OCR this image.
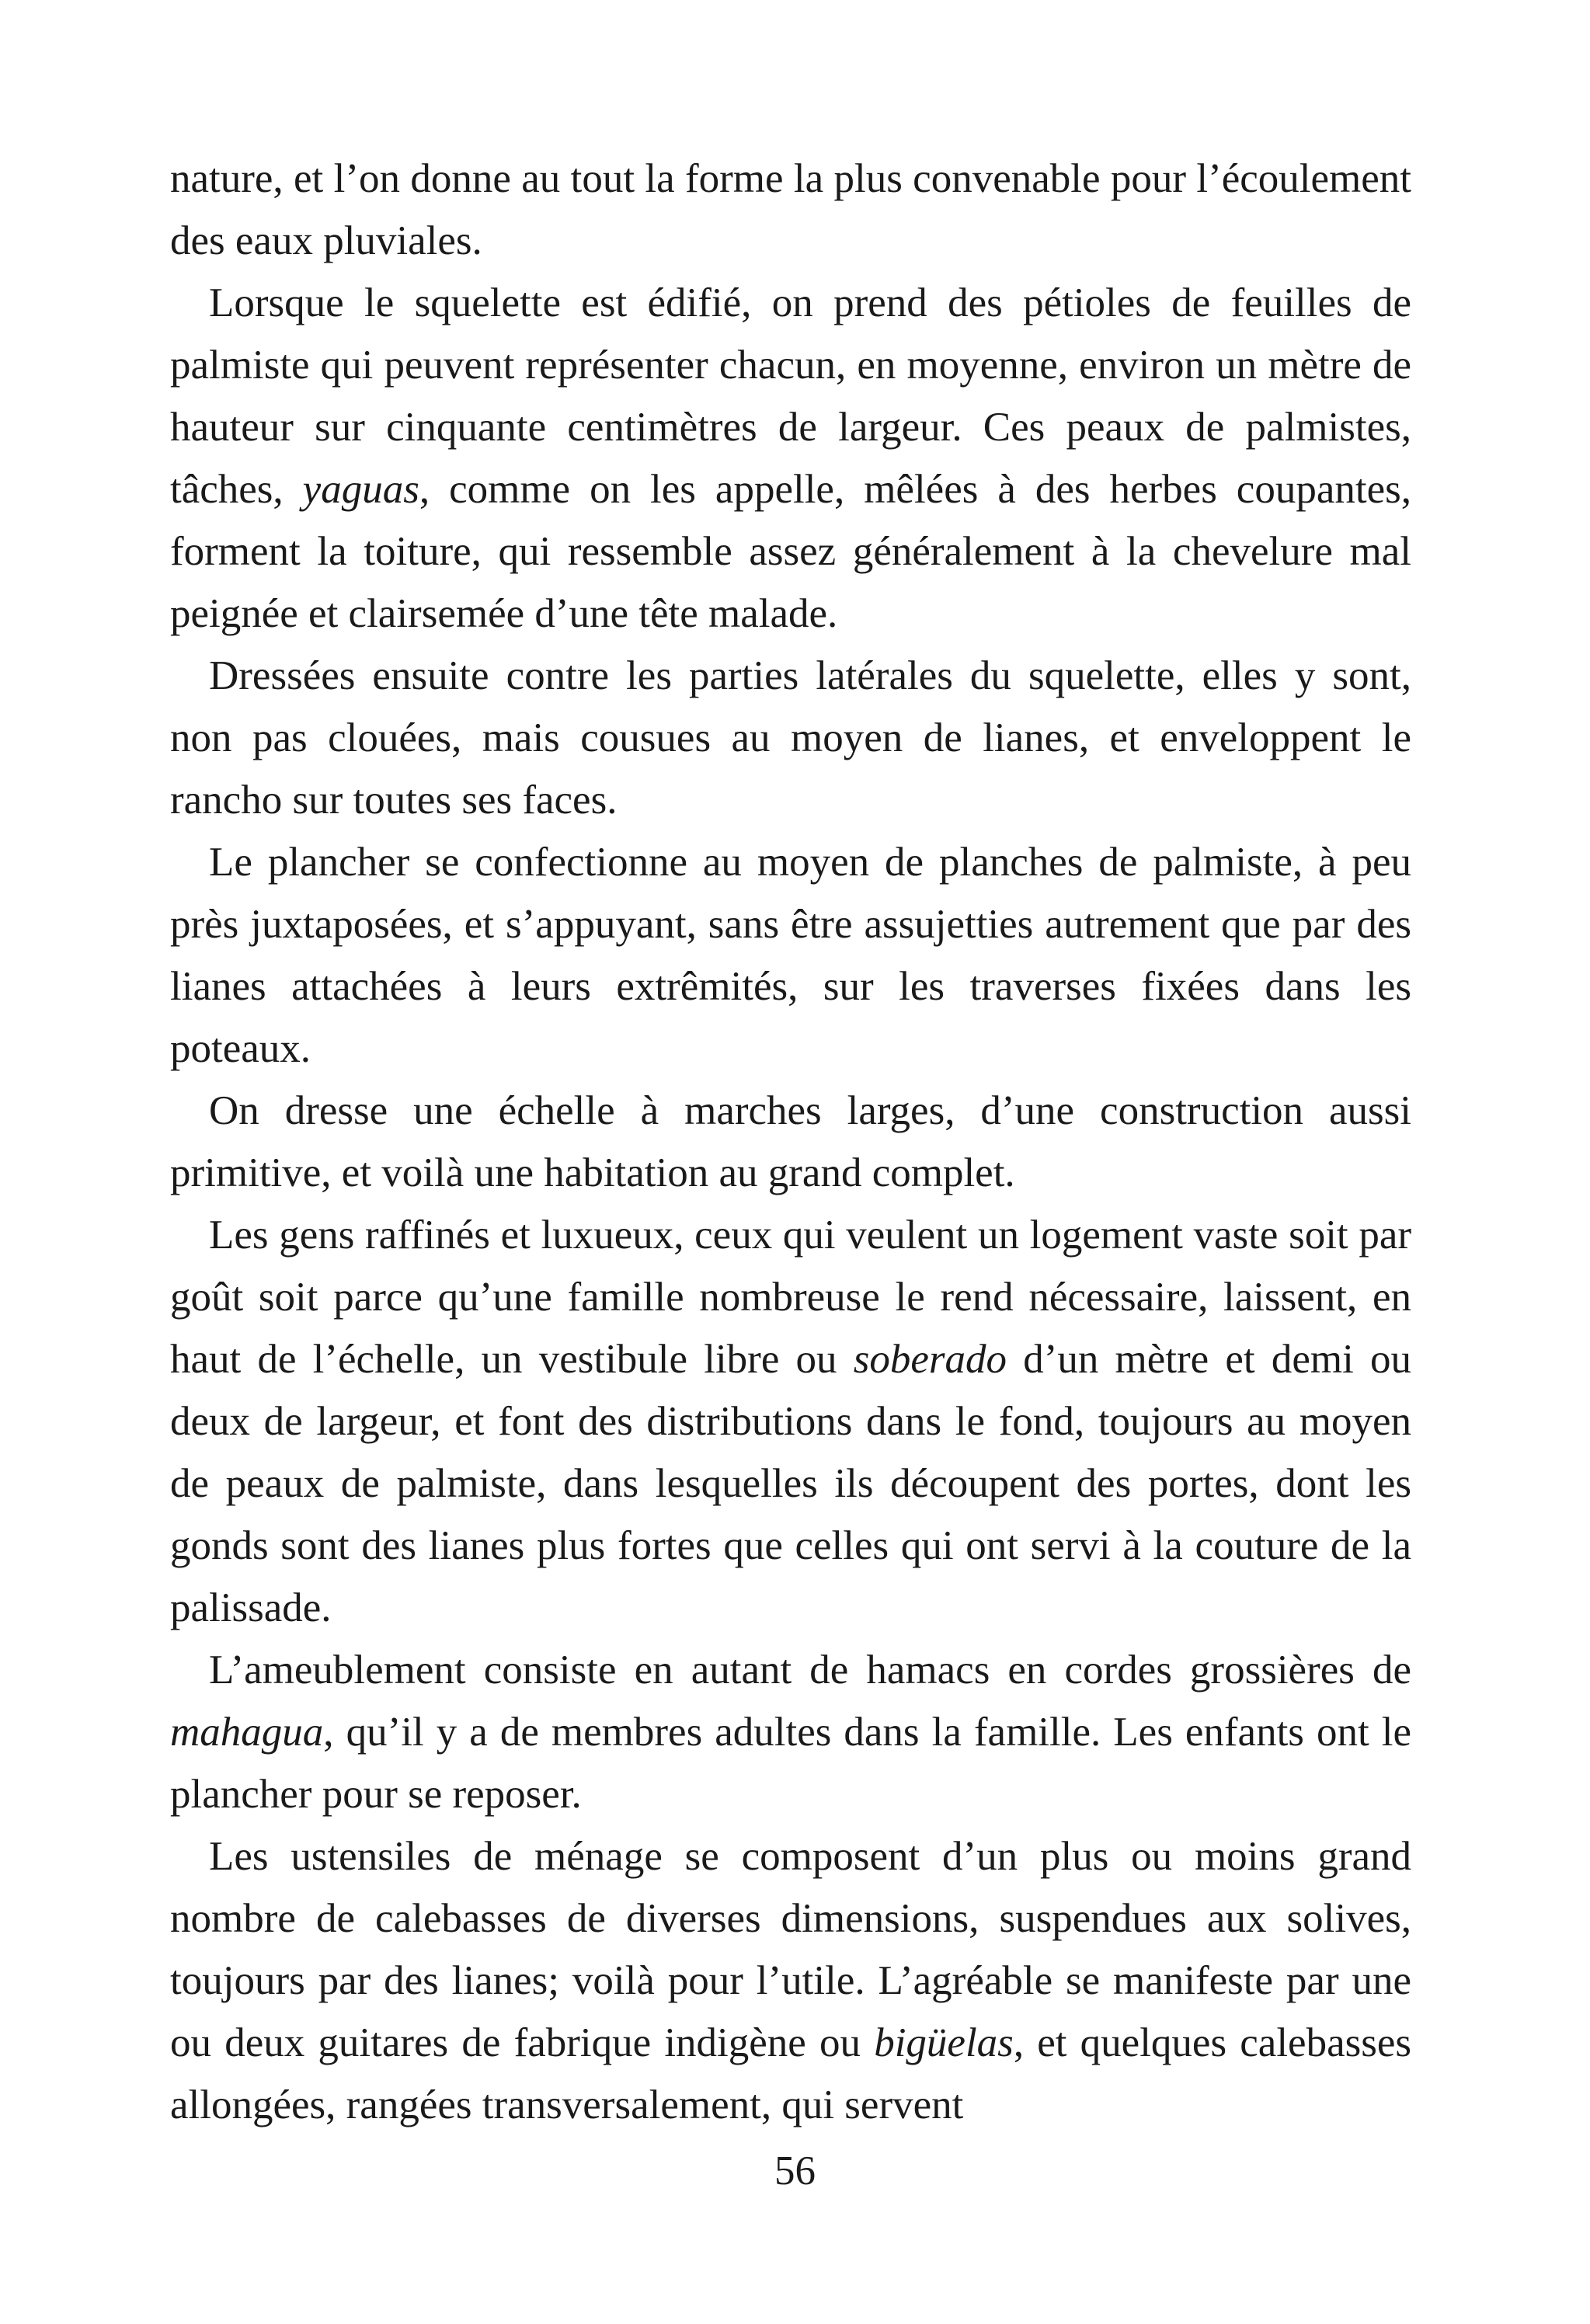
nature, et l’on donne au tout la forme la plus convenable pour l’écoulement des eaux pluviales.

Lorsque le squelette est édifié, on prend des pétioles de feuilles de palmiste qui peuvent représenter chacun, en moyenne, environ un mètre de hauteur sur cinquante centimètres de largeur. Ces peaux de palmistes, tâches, yaguas, comme on les appelle, mêlées à des herbes coupantes, forment la toiture, qui ressemble assez généralement à la chevelure mal peignée et clairsemée d’une tête malade.

Dressées ensuite contre les parties latérales du squelette, elles y sont, non pas clouées, mais cousues au moyen de lianes, et enveloppent le rancho sur toutes ses faces.

Le plancher se confectionne au moyen de planches de palmiste, à peu près juxtaposées, et s’appuyant, sans être assujetties autrement que par des lianes attachées à leurs extrêmités, sur les traverses fixées dans les poteaux.

On dresse une échelle à marches larges, d’une construction aussi primitive, et voilà une habitation au grand complet.

Les gens raffinés et luxueux, ceux qui veulent un logement vaste soit par goût soit parce qu’une famille nombreuse le rend nécessaire, laissent, en haut de l’échelle, un vestibule libre ou soberado d’un mètre et demi ou deux de largeur, et font des distributions dans le fond, toujours au moyen de peaux de palmiste, dans lesquelles ils découpent des portes, dont les gonds sont des lianes plus fortes que celles qui ont servi à la couture de la palissade.

L’ameublement consiste en autant de hamacs en cordes grossières de mahagua, qu’il y a de membres adultes dans la famille. Les enfants ont le plancher pour se reposer.

Les ustensiles de ménage se composent d’un plus ou moins grand nombre de calebasses de diverses dimensions, suspendues aux solives, toujours par des lianes; voilà pour l’utile. L’agréable se manifeste par une ou deux guitares de fabrique indigène ou bigüelas, et quelques calebasses allongées, rangées transversalement, qui servent

56
